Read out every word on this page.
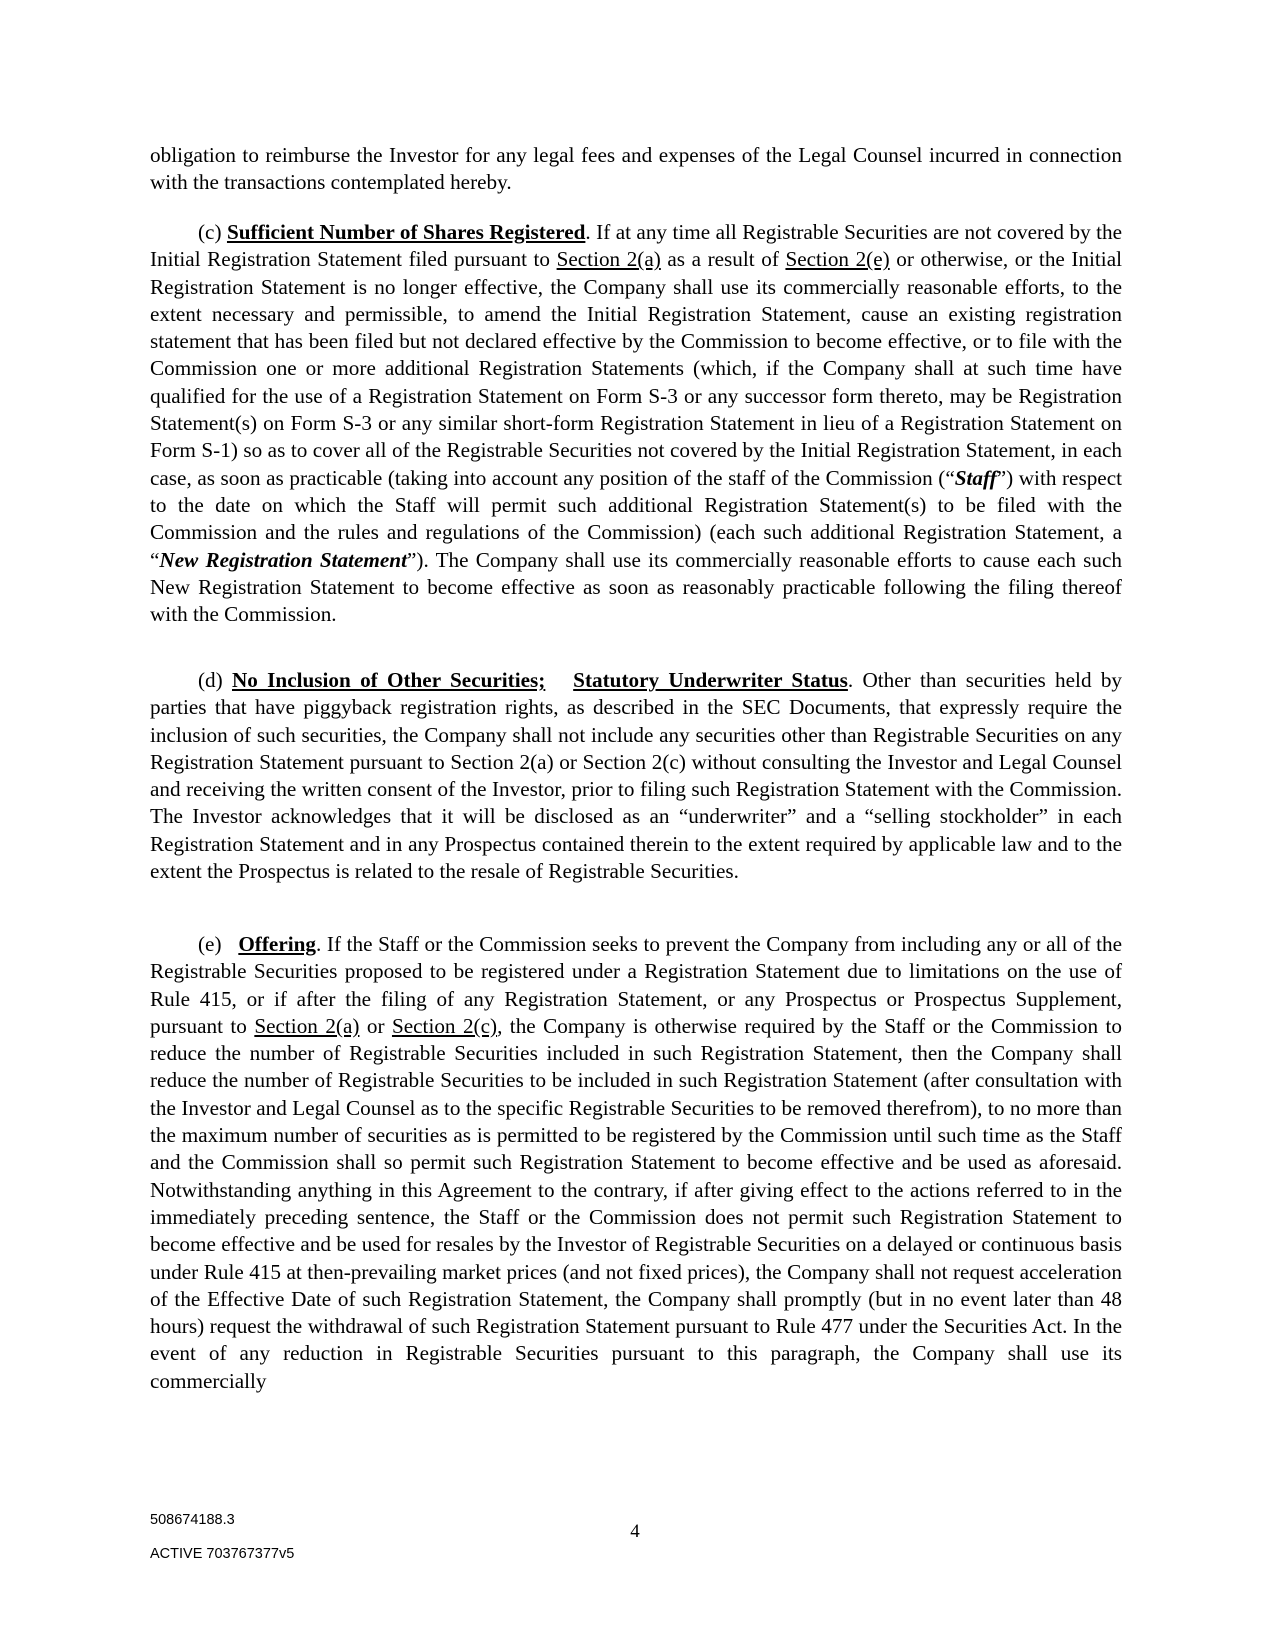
obligation to reimburse the Investor for any legal fees and expenses of the Legal Counsel incurred in connection with the transactions contemplated hereby.

(c) Sufficient Number of Shares Registered. If at any time all Registrable Securities are not covered by the Initial Registration Statement filed pursuant to Section 2(a) as a result of Section 2(e) or otherwise, or the Initial Registration Statement is no longer effective, the Company shall use its commercially reasonable efforts, to the extent necessary and permissible, to amend the Initial Registration Statement, cause an existing registration statement that has been filed but not declared effective by the Commission to become effective, or to file with the Commission one or more additional Registration Statements (which, if the Company shall at such time have qualified for the use of a Registration Statement on Form S-3 or any successor form thereto, may be Registration Statement(s) on Form S-3 or any similar short-form Registration Statement in lieu of a Registration Statement on Form S-1) so as to cover all of the Registrable Securities not covered by the Initial Registration Statement, in each case, as soon as practicable (taking into account any position of the staff of the Commission (“Staff”) with respect to the date on which the Staff will permit such additional Registration Statement(s) to be filed with the Commission and the rules and regulations of the Commission) (each such additional Registration Statement, a “New Registration Statement”). The Company shall use its commercially reasonable efforts to cause each such New Registration Statement to become effective as soon as reasonably practicable following the filing thereof with the Commission.

(d) No Inclusion of Other Securities; Statutory Underwriter Status. Other than securities held by parties that have piggyback registration rights, as described in the SEC Documents, that expressly require the inclusion of such securities, the Company shall not include any securities other than Registrable Securities on any Registration Statement pursuant to Section 2(a) or Section 2(c) without consulting the Investor and Legal Counsel and receiving the written consent of the Investor, prior to filing such Registration Statement with the Commission. The Investor acknowledges that it will be disclosed as an “underwriter” and a “selling stockholder” in each Registration Statement and in any Prospectus contained therein to the extent required by applicable law and to the extent the Prospectus is related to the resale of Registrable Securities.

(e) Offering. If the Staff or the Commission seeks to prevent the Company from including any or all of the Registrable Securities proposed to be registered under a Registration Statement due to limitations on the use of Rule 415, or if after the filing of any Registration Statement, or any Prospectus or Prospectus Supplement, pursuant to Section 2(a) or Section 2(c), the Company is otherwise required by the Staff or the Commission to reduce the number of Registrable Securities included in such Registration Statement, then the Company shall reduce the number of Registrable Securities to be included in such Registration Statement (after consultation with the Investor and Legal Counsel as to the specific Registrable Securities to be removed therefrom), to no more than the maximum number of securities as is permitted to be registered by the Commission until such time as the Staff and the Commission shall so permit such Registration Statement to become effective and be used as aforesaid. Notwithstanding anything in this Agreement to the contrary, if after giving effect to the actions referred to in the immediately preceding sentence, the Staff or the Commission does not permit such Registration Statement to become effective and be used for resales by the Investor of Registrable Securities on a delayed or continuous basis under Rule 415 at then-prevailing market prices (and not fixed prices), the Company shall not request acceleration of the Effective Date of such Registration Statement, the Company shall promptly (but in no event later than 48 hours) request the withdrawal of such Registration Statement pursuant to Rule 477 under the Securities Act. In the event of any reduction in Registrable Securities pursuant to this paragraph, the Company shall use its commercially

508674188.3
4
ACTIVE 703767377v5
